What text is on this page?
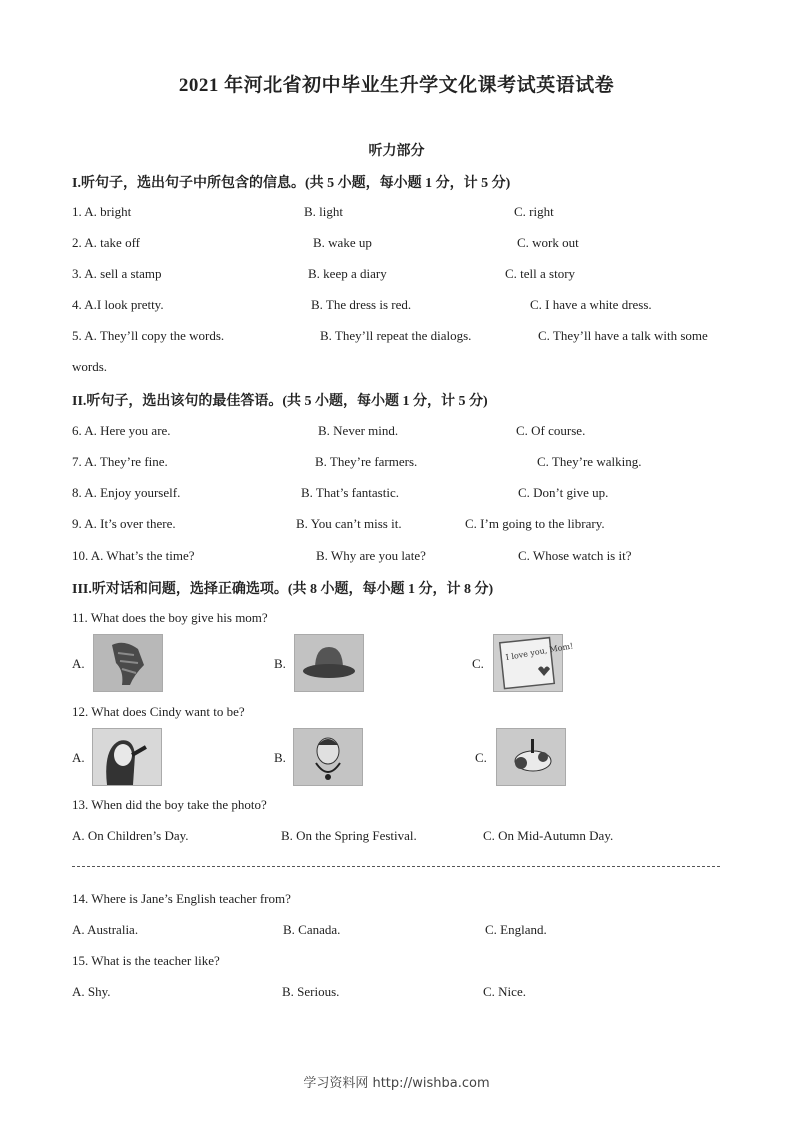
2021 年河北省初中毕业生升学文化课考试英语试卷
听力部分
I.听句子，选出句子中所包含的信息。(共 5 小题，每小题 1 分，计 5 分)
1. A. bright	B. light	C. right
2. A. take off	B. wake up	C. work out
3. A. sell a stamp	B. keep a diary	C. tell a story
4. A.I look pretty.	B. The dress is red.	C. I have a white dress.
5. A. They’ll copy the words.	B. They’ll repeat the dialogs.	C. They’ll have a talk with some
words.
II.听句子，选出该句的最佳答语。(共 5 小题，每小题 1 分，计 5 分)
6. A. Here you are.	B. Never mind.	C. Of course.
7. A. They’re fine.	B. They’re farmers.	C. They’re walking.
8. A. Enjoy yourself.	B. That’s fantastic.	C. Don’t give up.
9. A. It’s over there.	B. You can’t miss it.	C. I’m going to the library.
10. A. What’s the time?	B. Why are you late?	C. Whose watch is it?
III.听对话和问题，选择正确选项。(共 8 小题，每小题 1 分，计 8 分)
11. What does the boy give his mom?
A.	B.	C.
I love you, Mom!
12. What does Cindy want to be?
A.	B.	C.
13. When did the boy take the photo?
A. On Children’s Day.	B. On the Spring Festival.	C. On Mid-Autumn Day.
14. Where is Jane’s English teacher from?
A. Australia.	B. Canada.	C. England.
15. What is the teacher like?
A. Shy.	B. Serious.	C. Nice.
学习资料网 http://wishba.com
